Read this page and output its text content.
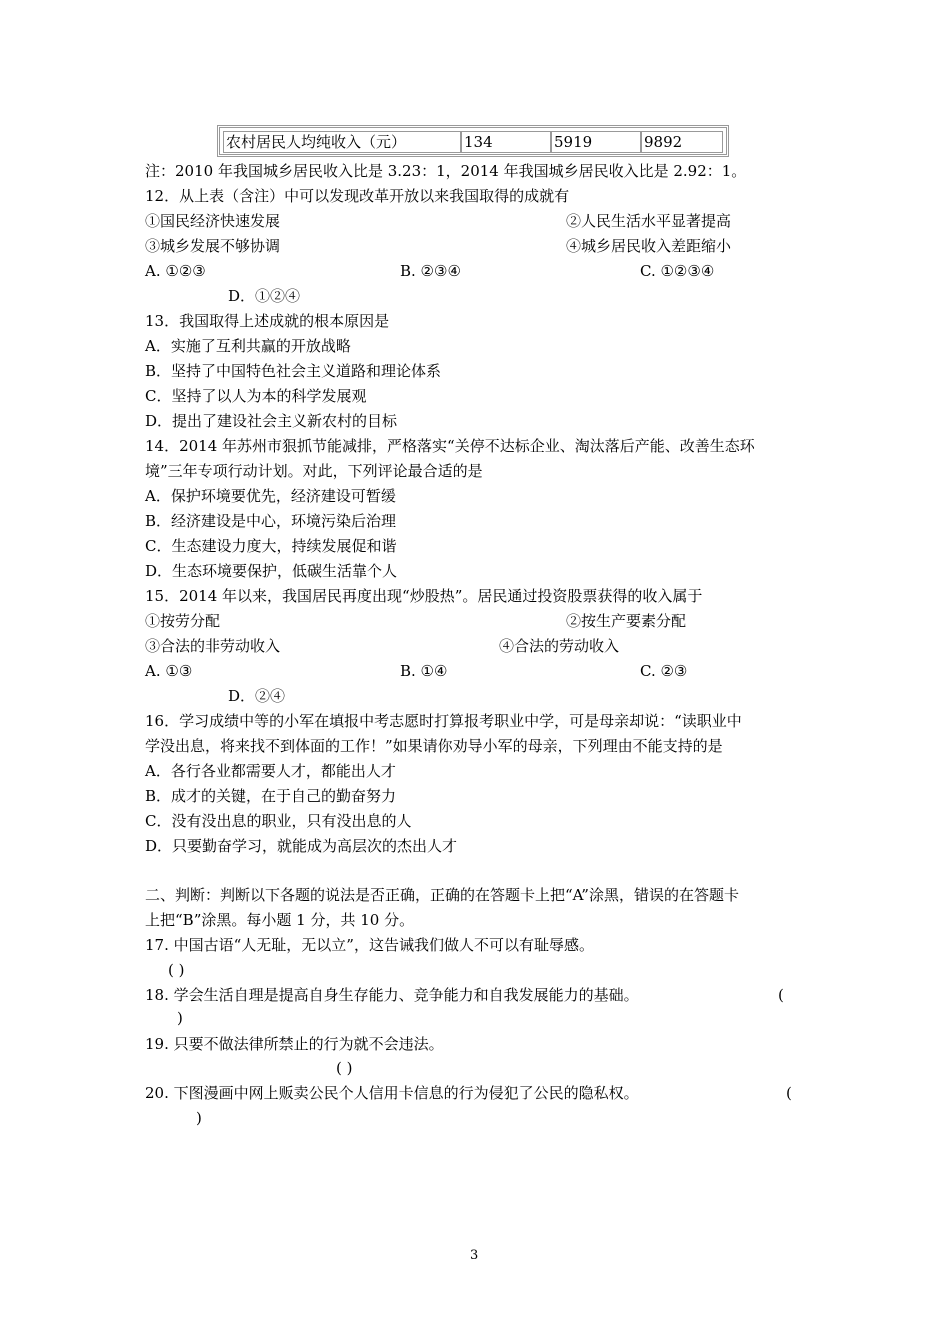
农村居民人均纯收入（元）	134	5919	9892
注：2010 年我国城乡居民收入比是 3.23：1，2014 年我国城乡居民收入比是 2.92：1。
12．从上表（含注）中可以发现改革开放以来我国取得的成就有
①国民经济快速发展	②人民生活水平显著提高
③城乡发展不够协调	④城乡居民收入差距缩小
A. ①②③	B. ②③④	C. ①②③④
D．①②④
13．我国取得上述成就的根本原因是
A．实施了互利共赢的开放战略
B．坚持了中国特色社会主义道路和理论体系
C．坚持了以人为本的科学发展观
D．提出了建设社会主义新农村的目标
14．2014 年苏州市狠抓节能减排，严格落实“关停不达标企业、淘汰落后产能、改善生态环
境”三年专项行动计划。对此，下列评论最合适的是
A．保护环境要优先，经济建设可暂缓
B．经济建设是中心，环境污染后治理
C．生态建设力度大，持续发展促和谐
D．生态环境要保护，低碳生活靠个人
15．2014 年以来，我国居民再度出现“炒股热”。居民通过投资股票获得的收入属于
①按劳分配	②按生产要素分配
③合法的非劳动收入	④合法的劳动收入
A. ①③	B. ①④	C. ②③
D．②④
16．学习成绩中等的小军在填报中考志愿时打算报考职业中学，可是母亲却说：“读职业中
学没出息，将来找不到体面的工作！”如果请你劝导小军的母亲，下列理由不能支持的是
A．各行各业都需要人才，都能出人才
B．成才的关键，在于自己的勤奋努力
C．没有没出息的职业，只有没出息的人
D．只要勤奋学习，就能成为高层次的杰出人才
二、判断：判断以下各题的说法是否正确，正确的在答题卡上把“A”涂黑，错误的在答题卡
上把“B”涂黑。每小题 1 分，共 10 分。
17. 中国古语“人无耻，无以立”，这告诫我们做人不可以有耻辱感。
( )
18. 学会生活自理是提高自身生存能力、竞争能力和自我发展能力的基础。	(
)
19. 只要不做法律所禁止的行为就不会违法。
( )
20. 下图漫画中网上贩卖公民个人信用卡信息的行为侵犯了公民的隐私权。	(
)
3
